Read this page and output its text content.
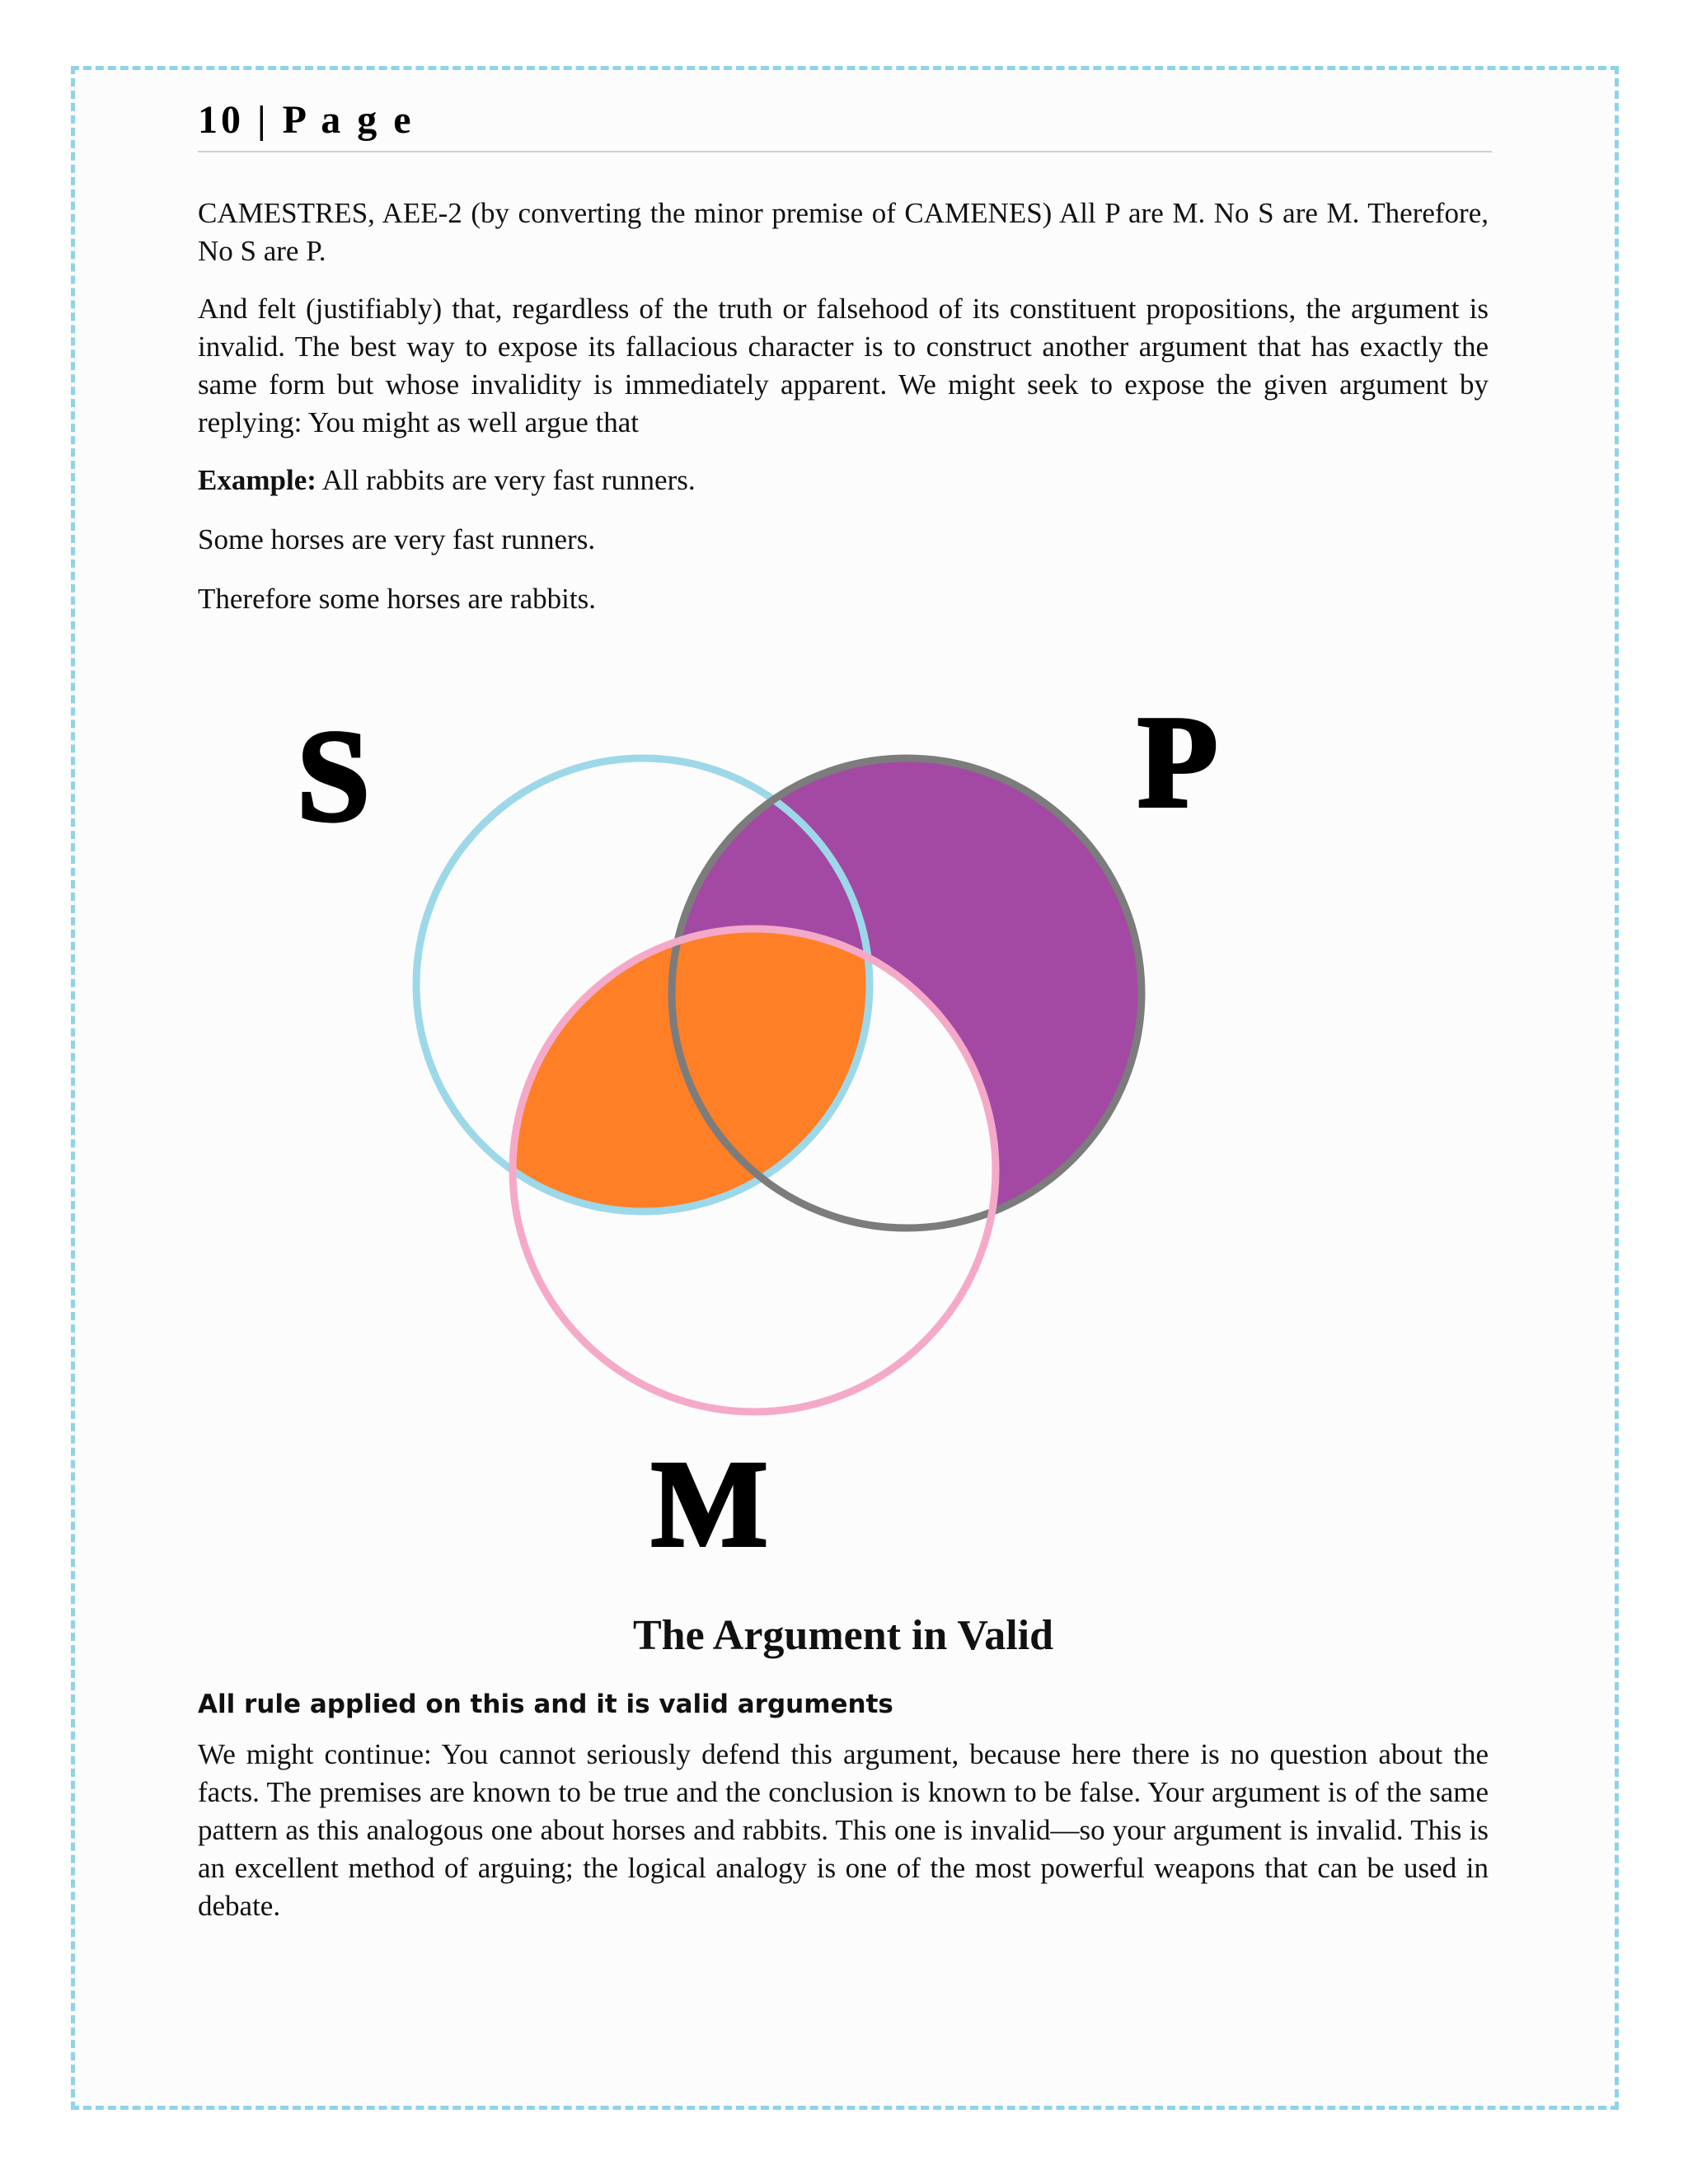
10 | P a g e

CAMESTRES, AEE-2 (by converting the minor premise of CAMENES) All P are M. No S are M. Therefore, No S are P.

And felt (justifiably) that, regardless of the truth or falsehood of its constituent propositions, the argument is invalid. The best way to expose its fallacious character is to construct another argument that has exactly the same form but whose invalidity is immediately apparent. We might seek to expose the given argument by replying: You might as well argue that

Example: All rabbits are very fast runners.

Some horses are very fast runners.

Therefore some horses are rabbits.

S	P
M
The Argument in Valid
All rule applied on this and it is valid arguments

We might continue: You cannot seriously defend this argument, because here there is no question about the facts. The premises are known to be true and the conclusion is known to be false. Your argument is of the same pattern as this analogous one about horses and rabbits. This one is invalid—so your argument is invalid. This is an excellent method of arguing; the logical analogy is one of the most powerful weapons that can be used in debate.
